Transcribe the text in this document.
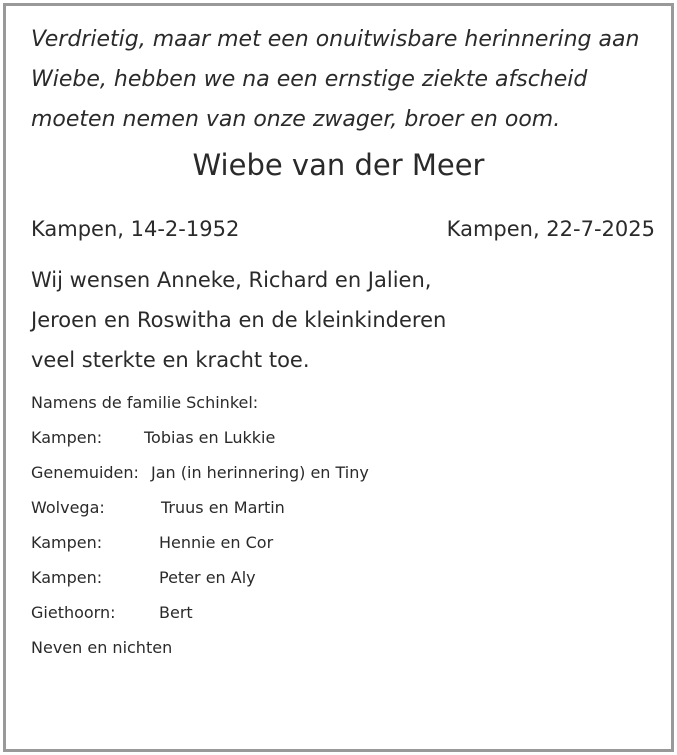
Verdrietig, maar met een onuitwisbare herinnering aan
Wiebe, hebben we na een ernstige ziekte afscheid
moeten nemen van onze zwager, broer en oom.
Wiebe van der Meer
Kampen, 14-2-1952	Kampen, 22-7-2025
Wij wensen Anneke, Richard en Jalien,
Jeroen en Roswitha en de kleinkinderen
veel sterkte en kracht toe.
Namens de familie Schinkel:
Kampen:	Tobias en Lukkie
Genemuiden: Jan (in herinnering) en Tiny
Wolvega:	Truus en Martin
Kampen:	Hennie en Cor
Kampen:	Peter en Aly
Giethoorn:	Bert
Neven en nichten
